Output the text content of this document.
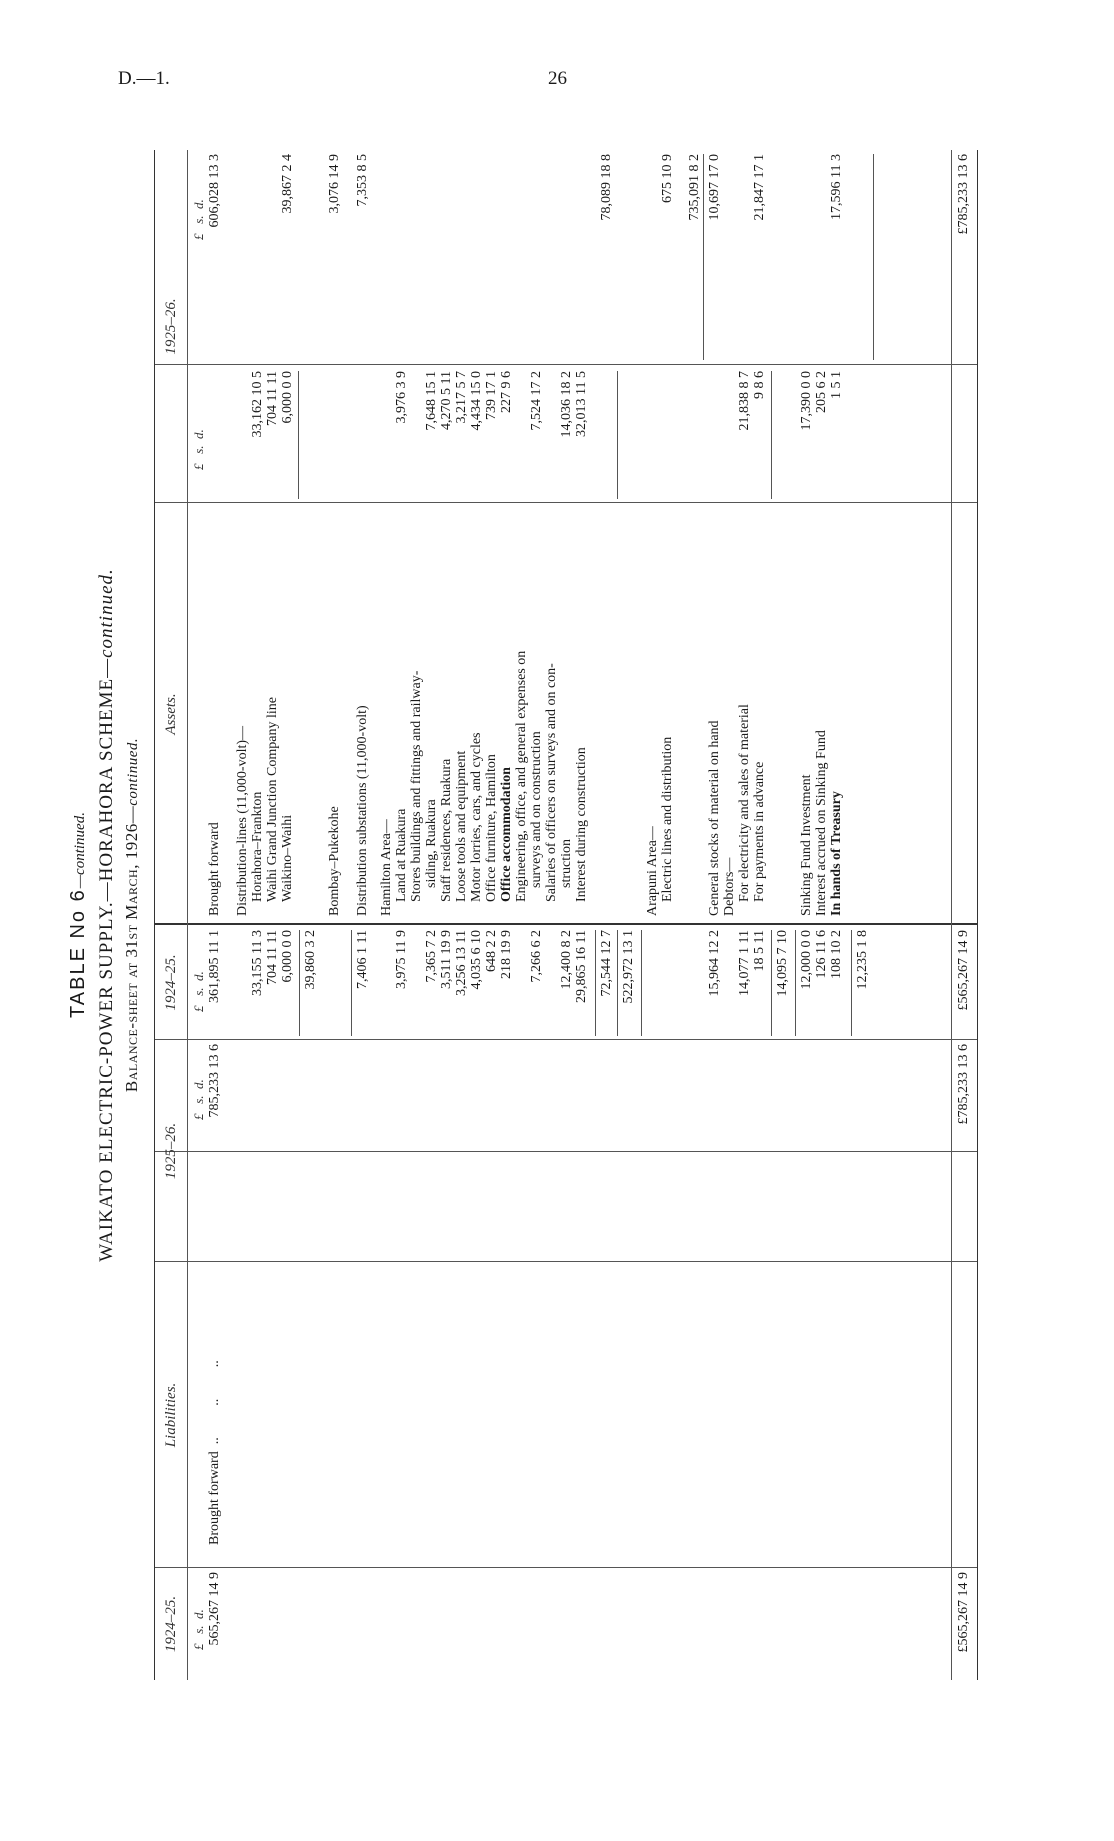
D.—1.	26
TABLE No 6—continued. WAIKATO ELECTRIC-POWER SUPPLY.—HORAHORA SCHEME—continued.
Balance-sheet at 31st March, 1926—continued.
1924–25.
Liabilities.
1925–26.
1924–25.
Assets.
1925–26.
£   s.  d.
£   s.  d.
£   s.  d.
£   s.  d.
£   s.  d.
565,267 14 9
Brought forward  ..         ..         ..
785,233 13 6
£565,267 14 9
£785,233 13 6
£565,267 14 9
£785,233 13 6
Brought forward
361,895 11 1
606,028 13 3
Distribution-lines (11,000-volt)— Horahora–Frankton
33,155 11 3
33,162 10 5
Waihi Grand Junction Company line
704 11 11
704 11 11
Waikino–Waihi
6,000 0 0
6,000 0 0
39,867 2 4
39,860 3 2
Bombay–Pukekohe
3,076 14 9
Distribution substations (11,000-volt)
7,406 1 11
7,353 8 5
Hamilton Area— Land at Ruakura
3,975 11 9
3,976 3 9
Stores buildings and fittings and railway- siding, Ruakura
7,365 7 2
7,648 15 1
Staff residences, Ruakura
3,511 19 9
4,270 5 11
Loose tools and equipment
3,256 13 11
3,217 5 7
Motor lorries, cars, and cycles
4,035 6 10
4,434 15 0
Office furniture, Hamilton
648 2 2
739 17 1
Office accommodation
218 19 9
227 9 6
Engineering, office, and general expenses on surveys and on construction
7,266 6 2
7,524 17 2
Salaries of officers on surveys and on con- struction
12,400 8 2
14,036 18 2
Interest during construction
29,865 16 11
32,013 11 5
72,544 12 7
78,089 18 8
522,972 13 1
Arapuni Area— Electric lines and distribution
675 10 9 735,091 8 2
General stocks of material on hand
15,964 12 2
10,697 17 0
Debtors— For electricity and sales of material
14,077 1 11
21,838 8 7
For payments in advance
18 5 11
9 8 6
21,847 17 1
14,095 7 10
Sinking Fund Investment
12,000 0 0
17,390 0 0
Interest accrued on Sinking Fund
126 11 6
205 6 2
In hands of Treasury
108 10 2
1 5 1
17,596 11 3
12,235 1 8
